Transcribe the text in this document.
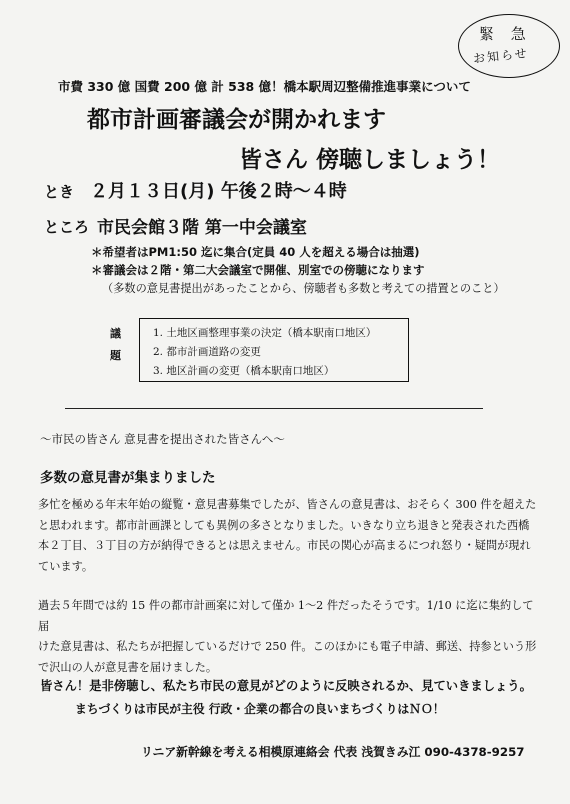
緊 急
お知らせ
市費 330 億 国費 200 億 計 538 億！橋本駅周辺整備推進事業について
都市計画審議会が開かれます
皆さん 傍聴しましょう！
とき ２月１３日(月) 午後２時～４時
ところ 市民会館３階 第一中会議室
＊希望者はPM1:50 迄に集合(定員 40 人を超える場合は抽選)
＊審議会は２階・第二大会議室で開催、別室での傍聴になります
（多数の意見書提出があったことから、傍聴者も多数と考えての措置とのこと）
議

題
1. 土地区画整理事業の決定（橋本駅南口地区）
2. 都市計画道路の変更
3. 地区計画の変更（橋本駅南口地区）
～市民の皆さん 意見書を提出された皆さんへ～
多数の意見書が集まりました
多忙を極める年末年始の縦覧・意見書募集でしたが、皆さんの意見書は、おそらく 300 件を超えた
と思われます。都市計画課としても異例の多さとなりました。いきなり立ち退きと発表された西橋
本２丁目、３丁目の方が納得できるとは思えません。市民の関心が高まるにつれ怒り・疑問が現れ
ています。
過去５年間では約 15 件の都市計画案に対して僅か 1～2 件だったそうです。1/10 に迄に集約して届
けた意見書は、私たちが把握しているだけで 250 件。このほかにも電子申請、郵送、持参という形
で沢山の人が意見書を届けました。
皆さん！是非傍聴し、私たち市民の意見がどのように反映されるか、見ていきましょう。
まちづくりは市民が主役 行政・企業の都合の良いまちづくりはＮＯ！
リニア新幹線を考える相模原連絡会 代表 浅賀きみ江 090-4378-9257
